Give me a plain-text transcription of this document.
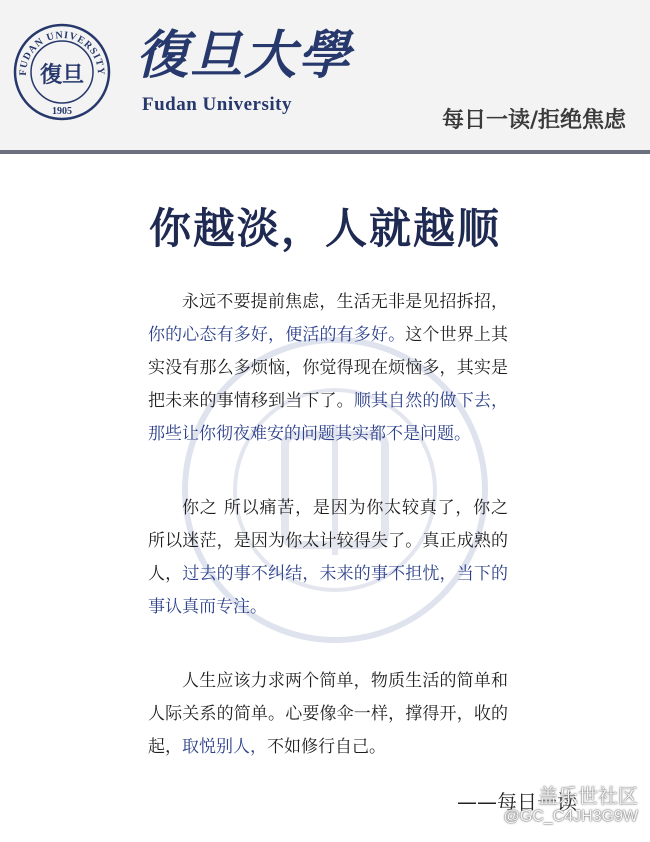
FUDAN UNIVERSITY
復旦
1905
復旦大學
Fudan University
每日一读/拒绝焦虑
你越淡，人就越顺

永远不要提前焦虑，生活无非是见招拆招，你的心态有多好，便活的有多好。这个世界上其实没有那么多烦恼，你觉得现在烦恼多，其实是把未来的事情移到当下了。顺其自然的做下去，那些让你彻夜难安的问题其实都不是问题。

你之 所以痛苦，是因为你太较真了，你之所以迷茫，是因为你太计较得失了。真正成熟的人，过去的事不纠结，未来的事不担忧，当下的事认真而专注。

人生应该力求两个简单，物质生活的简单和人际关系的简单。心要像伞一样，撑得开，收的起，取悦别人，不如修行自己。

——每日一读
盖乐世社区
@GC_C4JH3G9W
